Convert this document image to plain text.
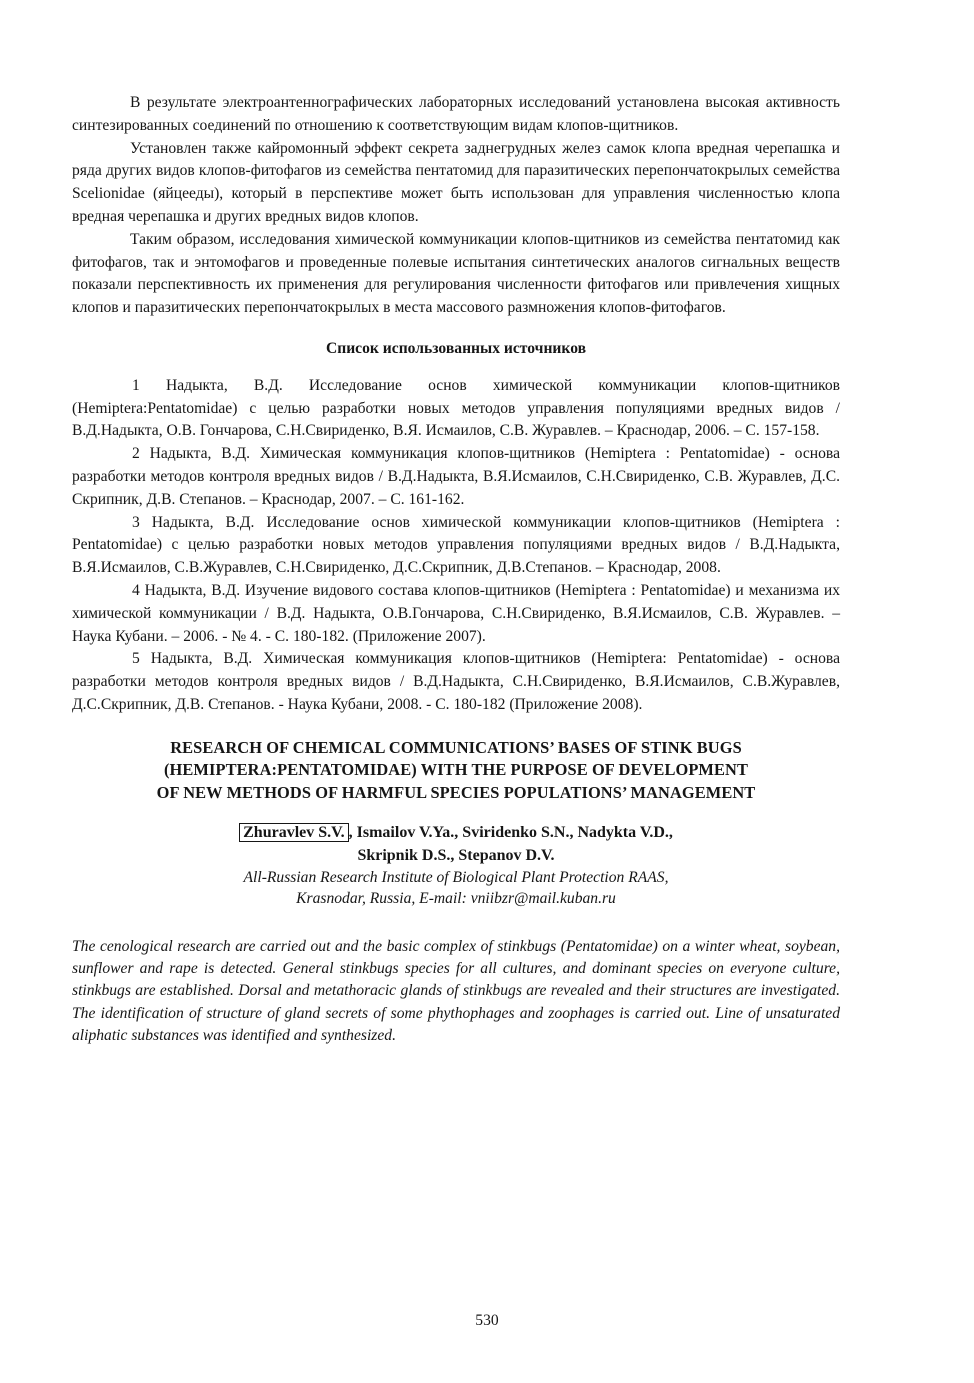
В результате электроантеннографических лабораторных исследований установлена высокая активность синтезированных соединений по отношению к соответствующим видам клопов-щитников.

Установлен также кайромонный эффект секрета заднегрудных желез самок клопа вредная черепашка и ряда других видов клопов-фитофагов из семейства пентатомид для паразитических перепончатокрылых семейства Scelionidae (яйцееды), который в перспективе может быть использован для управления численностью клопа вредная черепашка и других вредных видов клопов.

Таким образом, исследования химической коммуникации клопов-щитников из семейства пентатомид как фитофагов, так и энтомофагов и проведенные полевые испытания синтетических аналогов сигнальных веществ показали перспективность их применения для регулирования численности фитофагов или привлечения хищных клопов и паразитических перепончатокрылых в места массового размножения клопов-фитофагов.

Список использованных источников

1 Надыкта, В.Д. Исследование основ химической коммуникации клопов-щитников (Hemiptera:Pentatomidae) с целью разработки новых методов управления популяциями вредных видов / В.Д.Надыкта, О.В. Гончарова, С.Н.Свириденко, В.Я. Исмаилов, С.В. Журавлев. – Краснодар, 2006. – С. 157-158.

2 Надыкта, В.Д. Химическая коммуникация клопов-щитников (Hemiptera : Pentatomidae) - основа разработки методов контроля вредных видов / В.Д.Надыкта, В.Я.Исмаилов, С.Н.Свириденко, С.В. Журавлев, Д.С. Скрипник, Д.В. Степанов. – Краснодар, 2007. – С. 161-162.

3 Надыкта, В.Д. Исследование основ химической коммуникации клопов-щитников (Hemiptera : Pentatomidae) с целью разработки новых методов управления популяциями вредных видов / В.Д.Надыкта, В.Я.Исмаилов, С.В.Журавлев, С.Н.Свириденко, Д.С.Скрипник, Д.В.Степанов. – Краснодар, 2008.

4 Надыкта, В.Д. Изучение видового состава клопов-щитников (Hemiptera : Pentatomidae) и механизма их химической коммуникации / В.Д. Надыкта, О.В.Гончарова, С.Н.Свириденко, В.Я.Исмаилов, С.В. Журавлев. – Наука Кубани. – 2006. - № 4. - С. 180-182. (Приложение 2007).

5 Надыкта, В.Д. Химическая коммуникация клопов-щитников (Hemiptera: Pentatomidae) - основа разработки методов контроля вредных видов / В.Д.Надыкта, С.Н.Свириденко, В.Я.Исмаилов, С.В.Журавлев, Д.С.Скрипник, Д.В. Степанов. - Наука Кубани, 2008. - С. 180-182 (Приложение 2008).

RESEARCH OF CHEMICAL COMMUNICATIONS’ BASES OF STINK BUGS
(HEMIPTERA:PENTATOMIDAE) WITH THE PURPOSE OF DEVELOPMENT
OF NEW METHODS OF HARMFUL SPECIES POPULATIONS’ MANAGEMENT
Zhuravlev S.V. , Ismailov V.Ya., Sviridenko S.N., Nadykta V.D.,
Skripnik D.S., Stepanov D.V.
All-Russian Research Institute of Biological Plant Protection RAAS,
Krasnodar, Russia, E-mail: vniibzr@mail.kuban.ru

The cenological research are carried out and the basic complex of stinkbugs (Pentatomidae) on a winter wheat, soybean, sunflower and rape is detected. General stinkbugs species for all cultures, and dominant species on everyone culture, stinkbugs are established. Dorsal and metathoracic glands of stinkbugs are revealed and their structures are investigated. The identification of structure of gland secrets of some phythophages and zoophages is carried out. Line of unsaturated aliphatic substances was identified and synthesized.

530
